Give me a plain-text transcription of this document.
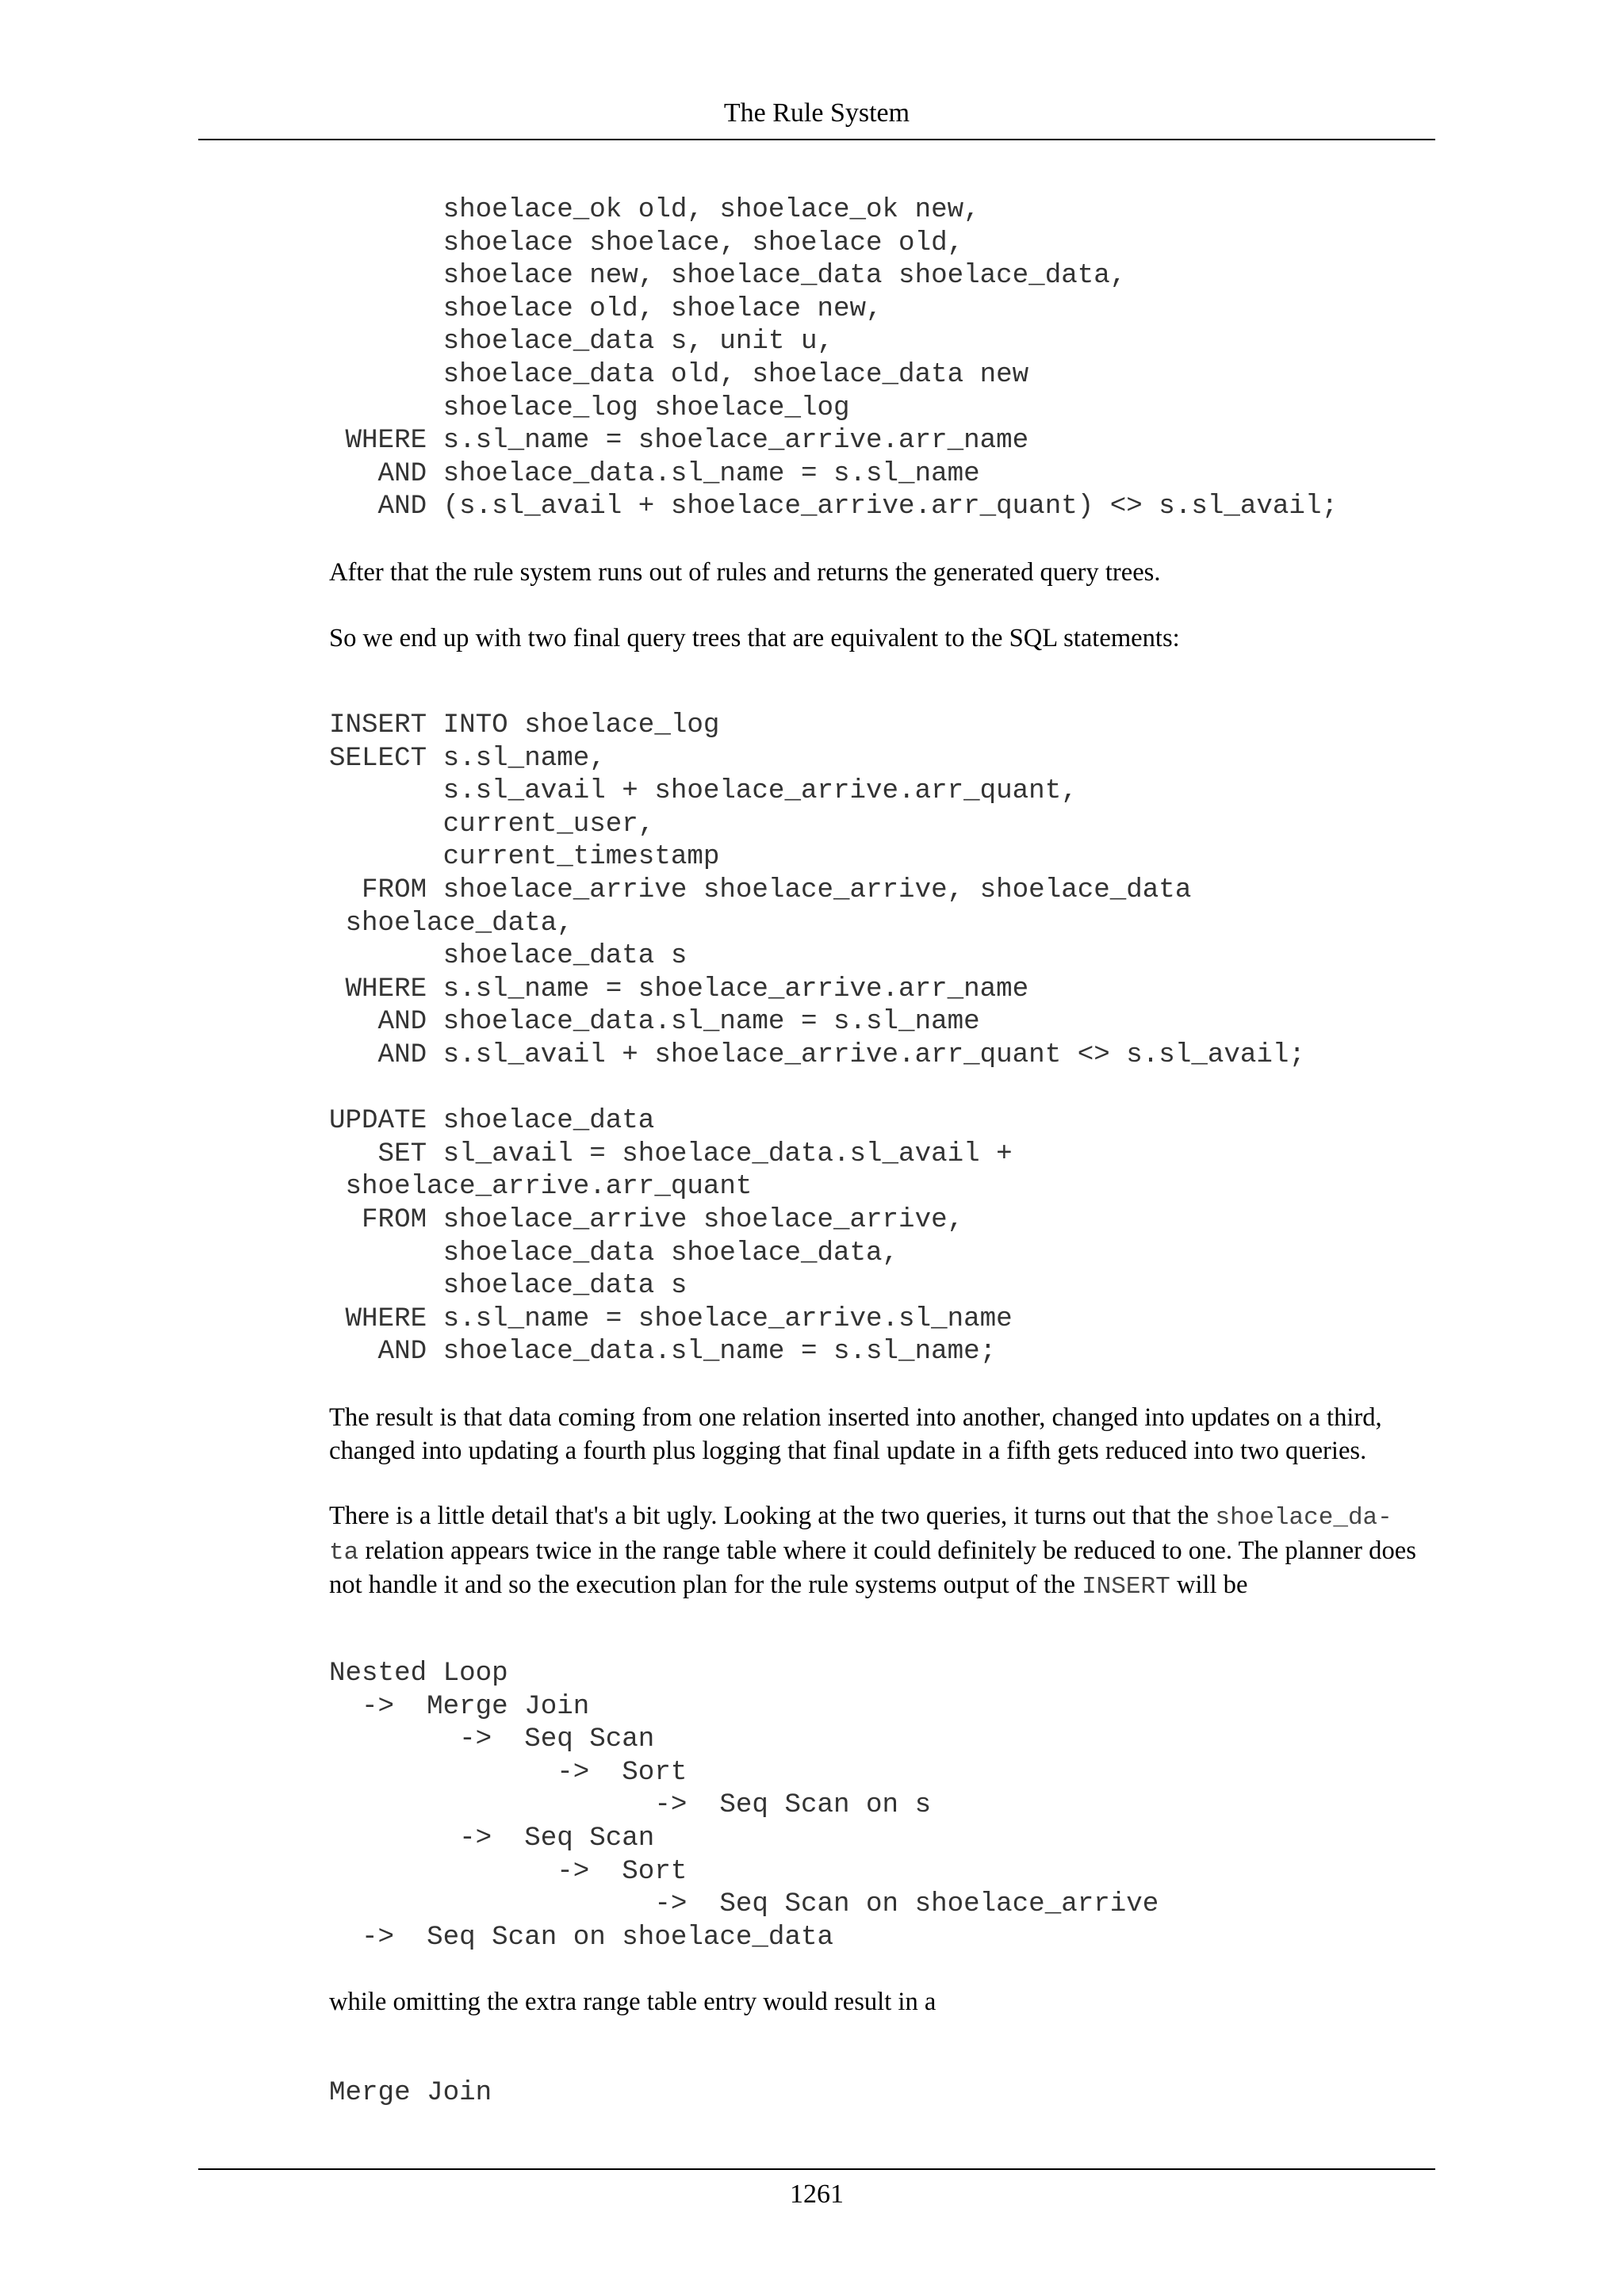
The Rule System
shoelace_ok old, shoelace_ok new,
shoelace shoelace, shoelace old,
shoelace new, shoelace_data shoelace_data,
shoelace old, shoelace new,
shoelace_data s, unit u,
shoelace_data old, shoelace_data new
shoelace_log shoelace_log
WHERE s.sl_name = shoelace_arrive.arr_name
AND shoelace_data.sl_name = s.sl_name
AND (s.sl_avail + shoelace_arrive.arr_quant) <> s.sl_avail;

After that the rule system runs out of rules and returns the generated query trees.

So we end up with two final query trees that are equivalent to the SQL statements:

INSERT INTO shoelace_log
SELECT s.sl_name,
s.sl_avail + shoelace_arrive.arr_quant,
current_user,
current_timestamp
FROM shoelace_arrive shoelace_arrive, shoelace_data
shoelace_data,
shoelace_data s
WHERE s.sl_name = shoelace_arrive.arr_name
AND shoelace_data.sl_name = s.sl_name
AND s.sl_avail + shoelace_arrive.arr_quant <> s.sl_avail;

UPDATE shoelace_data
SET sl_avail = shoelace_data.sl_avail +
shoelace_arrive.arr_quant
FROM shoelace_arrive shoelace_arrive,
shoelace_data shoelace_data,
shoelace_data s
WHERE s.sl_name = shoelace_arrive.sl_name
AND shoelace_data.sl_name = s.sl_name;

The result is that data coming from one relation inserted into another, changed into updates on a third, changed into updating a fourth plus logging that final update in a fifth gets reduced into two queries.

There is a little detail that's a bit ugly. Looking at the two queries, it turns out that the shoelace_da-
ta relation appears twice in the range table where it could definitely be reduced to one. The planner does not handle it and so the execution plan for the rule systems output of the INSERT will be

Nested Loop
->  Merge Join
->  Seq Scan
->  Sort
->  Seq Scan on s
->  Seq Scan
->  Sort
->  Seq Scan on shoelace_arrive
->  Seq Scan on shoelace_data

while omitting the extra range table entry would result in a

Merge Join
1261
